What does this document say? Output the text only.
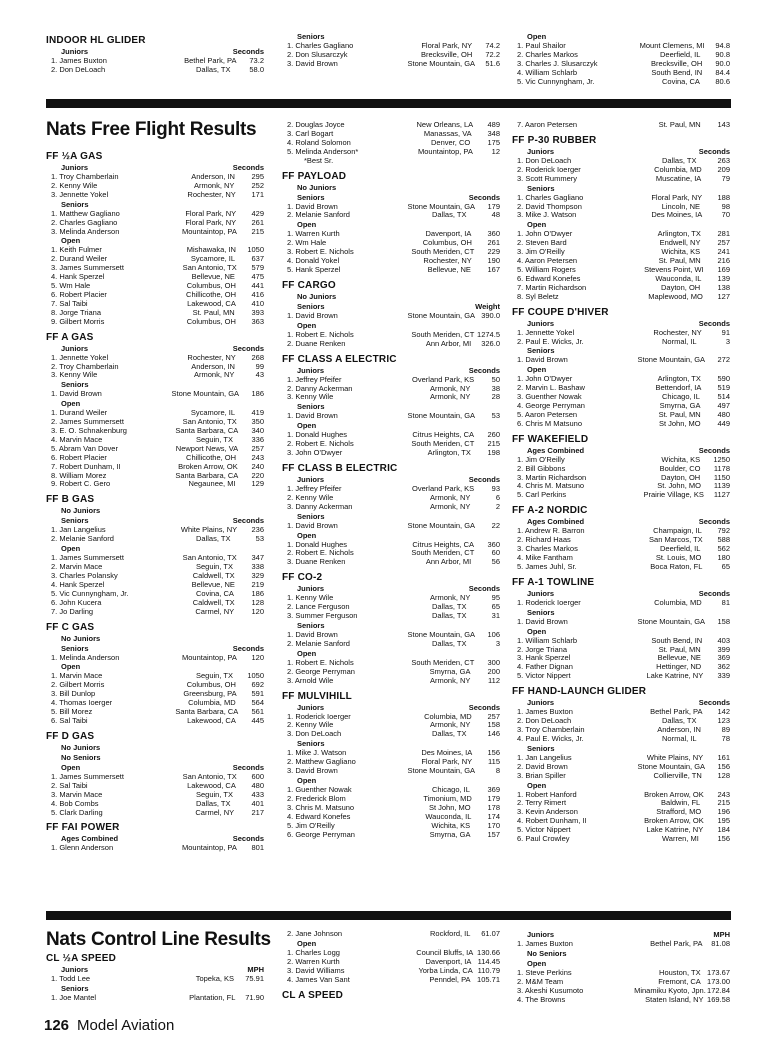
INDOOR HL GLIDER
Juniors	Seconds
1. James Buxton	Bethel Park, PA	73.2
2. Don DeLoach	Dallas, TX	58.0
Seniors
1. Charles Gagliano	Floral Park, NY	74.2
2. Don Slusarczyk	Brecksville, OH	72.2
3. David Brown	Stone Mountain, GA	51.6
Open
1. Paul Shailor	Mount Clemens, MI	94.8
2. Charles Markos	Deerfield, IL	90.8
3. Charles J. Slusarczyk	Brecksville, OH	90.0
4. William Schlarb	South Bend, IN	84.4
5. Vic Cunnyngham, Jr.	Covina, CA	80.6
Nats Free Flight Results
FF ½A GAS
Juniors	Seconds
1. Troy Chamberlain	Anderson, IN	295
2. Kenny Wile	Armonk, NY	252
3. Jennette Yokel	Rochester, NY	171
Seniors
1. Matthew Gagliano	Floral Park, NY	429
2. Charles Gagliano	Floral Park, NY	261
3. Melinda Anderson	Mountaintop, PA	215
Open
1. Keith Fulmer	Mishawaka, IN	1050
2. Durand Weiler	Sycamore, IL	637
3. James Summersett	San Antonio, TX	579
4. Hank Sperzel	Bellevue, NE	475
5. Wm Hale	Columbus, OH	441
6. Robert Placier	Chillicothe, OH	416
7. Sal Taibi	Lakewood, CA	410
8. Jorge Triana	St. Paul, MN	393
9. Gilbert Morris	Columbus, OH	363
FF A GAS
Juniors	Seconds
1. Jennette Yokel	Rochester, NY	268
2. Troy Chamberlain	Anderson, IN	99
3. Kenny Wile	Armonk, NY	43
Seniors
1. David Brown	Stone Mountain, GA	186
Open
1. Durand Weiler	Sycamore, IL	419
2. James Summersett	San Antonio, TX	350
3. E. O. Schnakenburg	Santa Barbara, CA	340
4. Marvin Mace	Seguin, TX	336
5. Abram Van Dover	Newport News, VA	257
6. Robert Placier	Chillicothe, OH	243
7. Robert Dunham, II	Broken Arrow, OK	240
8. William Morez	Santa Barbara, CA	220
9. Robert C. Gero	Negaunee, MI	129
FF B GAS
No Juniors
Seniors	Seconds
1. Jan Langelius	White Plains, NY	236
2. Melanie Sanford	Dallas, TX	53
Open
1. James Summersett	San Antonio, TX	347
2. Marvin Mace	Seguin, TX	338
3. Charles Polansky	Caldwell, TX	329
4. Hank Sperzel	Bellevue, NE	219
5. Vic Cunnyngham, Jr.	Covina, CA	186
6. John Kucera	Caldwell, TX	128
7. Jo Darling	Carmel, NY	120
FF C GAS
No Juniors
Seniors	Seconds
1. Melinda Anderson	Mountaintop, PA	120
Open
1. Marvin Mace	Seguin, TX	1050
2. Gilbert Morris	Columbus, OH	692
3. Bill Dunlop	Greensburg, PA	591
4. Thomas Ioerger	Columbia, MD	564
5. Bill Morez	Santa Barbara, CA	561
6. Sal Taibi	Lakewood, CA	445
FF D GAS
No Juniors
No Seniors
Open	Seconds
1. James Summersett	San Antonio, TX	600
2. Sal Taibi	Lakewood, CA	480
3. Marvin Mace	Seguin, TX	433
4. Bob Combs	Dallas, TX	401
5. Clark Darling	Carmel, NY	217
FF FAI POWER
Ages Combined	Seconds
1. Glenn Anderson	Mountaintop, PA	801
2. Douglas Joyce	New Orleans, LA	489
3. Carl Bogart	Manassas, VA	348
4. Roland Solomon	Denver, CO	175
5. Melinda Anderson*	Mountaintop, PA	12
*Best Sr.
FF PAYLOAD
No Juniors
Seniors	Seconds
1. David Brown	Stone Mountain, GA	179
2. Melanie Sanford	Dallas, TX	48
Open
1. Warren Kurth	Davenport, IA	360
2. Wm Hale	Columbus, OH	261
3. Robert E. Nichols	South Meriden, CT	229
4. Donald Yokel	Rochester, NY	190
5. Hank Sperzel	Bellevue, NE	167
FF CARGO
No Juniors
Seniors	Weight
1. David Brown	Stone Mountain, GA 390.0
Open
1. Robert E. Nichols	South Meriden, CT 1274.5
2. Duane Renken	Ann Arbor, MI	326.0
FF CLASS A ELECTRIC
Juniors	Seconds
1. Jeffrey Pfeifer	Overland Park, KS	50
2. Danny Ackerman	Armonk, NY	38
3. Kenny Wile	Armonk, NY	28
Seniors
1. David Brown	Stone Mountain, GA	53
Open
1. Donald Hughes	Citrus Heights, CA	260
2. Robert E. Nichols	South Meriden, CT	215
3. John O'Dwyer	Arlington, TX	198
FF CLASS B ELECTRIC
Juniors	Seconds
1. Jeffrey Pfeifer	Overland Park, KS	93
2. Kenny Wile	Armonk, NY	6
3. Danny Ackerman	Armonk, NY	2
Seniors
1. David Brown	Stone Mountain, GA	22
Open
1. Donald Hughes	Citrus Heights, CA	360
2. Robert E. Nichols	South Meriden, CT	60
3. Duane Renken	Ann Arbor, MI	56
FF CO-2
Juniors	Seconds
1. Kenny Wile	Armonk, NY	95
2. Lance Ferguson	Dallas, TX	65
3. Summer Ferguson	Dallas, TX	31
Seniors
1. David Brown	Stone Mountain, GA	106
2. Melanie Sanford	Dallas, TX	3
Open
1. Robert E. Nichols	South Meriden, CT	300
2. George Perryman	Smyrna, GA	200
3. Arnold Wile	Armonk, NY	112
FF MULVIHILL
Juniors	Seconds
1. Roderick Ioerger	Columbia, MD	257
2. Kenny Wile	Armonk, NY	158
3. Don DeLoach	Dallas, TX	146
Seniors
1. Mike J. Watson	Des Moines, IA	156
2. Matthew Gagliano	Floral Park, NY	115
3. David Brown	Stone Mountain, GA	8
Open
1. Guenther Nowak	Chicago, IL	369
2. Frederick Blom	Timonium, MD	179
3. Chris M. Matsuno	St John, MO	178
4. Edward Konefes	Wauconda, IL	174
5. Jim O'Reilly	Wichita, KS	170
6. George Perryman	Smyrna, GA	157
7. Aaron Petersen	St. Paul, MN	143
FF P-30 RUBBER
Juniors	Seconds
1. Don DeLoach	Dallas, TX	263
2. Roderick Ioerger	Columbia, MD	209
3. Scott Rummery	Muscatine, IA	79
Seniors
1. Charles Gagliano	Floral Park, NY	188
2. David Thompson	Lincoln, NE	98
3. Mike J. Watson	Des Moines, IA	70
Open
1. John O'Dwyer	Arlington, TX	281
2. Steven Bard	Endwell, NY	257
3. Jim O'Reilly	Wichita, KS	241
4. Aaron Petersen	St. Paul, MN	216
5. William Rogers	Stevens Point, WI	169
6. Edward Konefes	Wauconda, IL	139
7. Martin Richardson	Dayton, OH	138
8. Syl Beletz	Maplewood, MO	127
FF COUPE D'HIVER
Juniors	Seconds
1. Jennette Yokel	Rochester, NY	91
2. Paul E. Wicks, Jr.	Normal, IL	3
Seniors
1. David Brown	Stone Mountain, GA	272
Open
1. John O'Dwyer	Arlington, TX	590
2. Marvin L. Bashaw	Bettendorf, IA	519
3. Guenther Nowak	Chicago, IL	514
4. George Perryman	Smyrna, GA	497
5. Aaron Petersen	St. Paul, MN	480
6. Chris M Matsuno	St John, MO	449
FF WAKEFIELD
Ages Combined	Seconds
1. Jim O'Reilly	Wichita, KS	1250
2. Bill Gibbons	Boulder, CO	1178
3. Martin Richardson	Dayton, OH	1150
4. Chris M. Matsuno	St. John, MO	1139
5. Carl Perkins	Prairie Village, KS	1127
FF A-2 NORDIC
Ages Combined	Seconds
1. Andrew R. Barron	Champaign, IL	792
2. Richard Haas	San Marcos, TX	588
3. Charles Markos	Deerfield, IL	562
4. Mike Fantham	St. Louis, MO	180
5. James Juhl, Sr.	Boca Raton, FL	65
FF A-1 TOWLINE
Juniors	Seconds
1. Roderick Ioerger	Columbia, MD	81
Seniors
1. David Brown	Stone Mountain, GA	158
Open
1. William Schlarb	South Bend, IN	403
2. Jorge Triana	St. Paul, MN	399
3. Hank Sperzel	Bellevue, NE	369
4. Father Dignan	Hettinger, ND	362
5. Victor Nippert	Lake Katrine, NY	339
FF HAND-LAUNCH GLIDER
Juniors	Seconds
1. James Buxton	Bethel Park, PA	142
2. Don DeLoach	Dallas, TX	123
3. Troy Chamberlain	Anderson, IN	89
4. Paul E. Wicks, Jr.	Normal, IL	78
Seniors
1. Jan Langelius	White Plains, NY	161
2. David Brown	Stone Mountain, GA	156
3. Brian Spiller	Collierville, TN	128
Open
1. Robert Hanford	Broken Arrow, OK	243
2. Terry Rimert	Baldwin, FL	215
3. Kevin Anderson	Strafford, MO	196
4. Robert Dunham, II	Broken Arrow, OK	195
5. Victor Nippert	Lake Katrine, NY	184
6. Paul Crowley	Warren, MI	156
Nats Control Line Results
CL ½A SPEED
Juniors	MPH
1. Todd Lee	Topeka, KS	75.91
Seniors
1. Joe Mantel	Plantation, FL	71.90
2. Jane Johnson	Rockford, IL	61.07
Open
1. Charles Logg	Council Bluffs, IA 130.66
2. Warren Kurth	Davenport, IA 114.45
3. David Williams	Yorba Linda, CA 110.79
4. James Van Sant	Penndel, PA 105.71
CL A SPEED
Juniors	MPH
1. James Buxton	Bethel Park, PA	81.08
No Seniors
Open
1. Steve Perkins	Houston, TX 173.67
2. M&M Team	Fremont, CA 173.00
3. Akeshi Kusumoto	Minamiku Kyoto, Jpn. 172.84
4. The Browns	Staten Island, NY 169.58
126 Model Aviation
